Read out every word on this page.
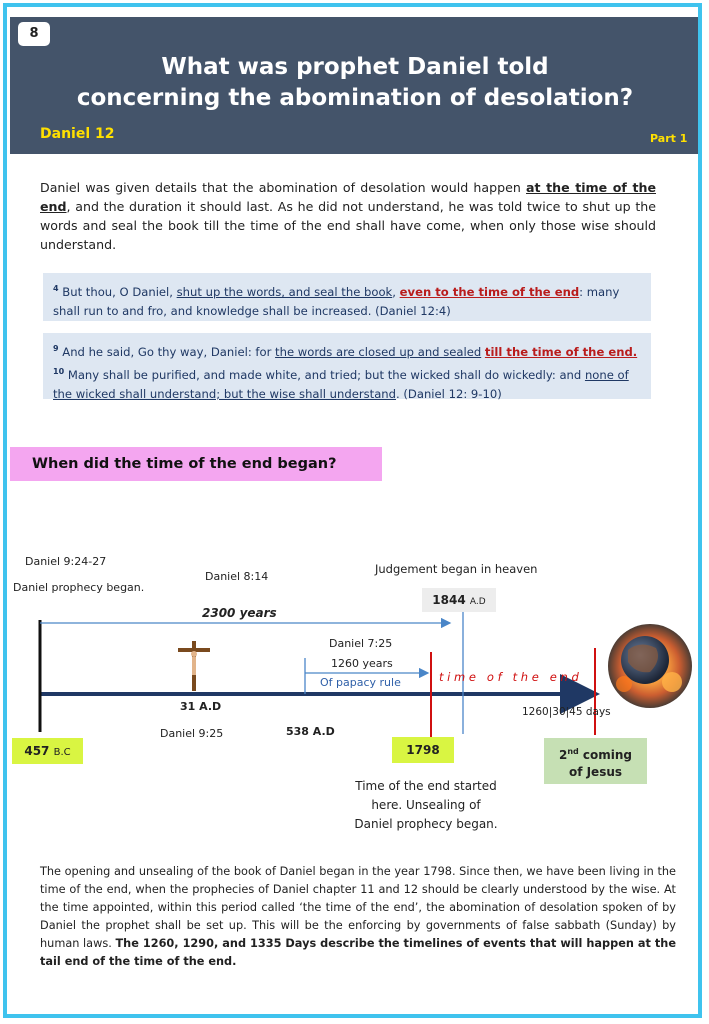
8
What was prophet Daniel told
concerning the abomination of desolation?
Daniel 12	Part 1
Daniel was given details that the abomination of desolation would happen at the time of the end, and the duration it should last. As he did not understand, he was told twice to shut up the words and seal the book till the time of the end shall have come, when only those wise should understand.
$^4$ But thou, O Daniel, shut up the words, and seal the book, even to the time of the end: many shall run to and fro, and knowledge shall be increased. (Daniel 12:4)
$^9$ And he said, Go thy way, Daniel: for the words are closed up and sealed till the time of the end. $^{10}$ Many shall be purified, and made white, and tried; but the wicked shall do wickedly: and none of the wicked shall understand; but the wise shall understand. (Daniel 12: 9-10)
When did the time of the end began?
Daniel 9:24-27
Daniel prophecy began.
Daniel 8:14
Judgement began in heaven
1844 A.D
2300 years
Daniel 7:25
1260 years
Of papacy rule	t i m e   o f   t h e   e n d
31 A.D
Daniel 9:25	538 A.D
1260|30|45 days
457 B.C	1798	2nd coming
of Jesus
Time of the end started
here. Unsealing of
Daniel prophecy began.
The opening and unsealing of the book of Daniel began in the year 1798. Since then, we have been living in the time of the end, when the prophecies of Daniel chapter 11 and 12 should be clearly understood by the wise. At the time appointed, within this period called ‘the time of the end’, the abomination of desolation spoken of by Daniel the prophet shall be set up. This will be the enforcing by governments of false sabbath (Sunday) by human laws. The 1260, 1290, and 1335 Days describe the timelines of events that will happen at the tail end of the time of the end.
